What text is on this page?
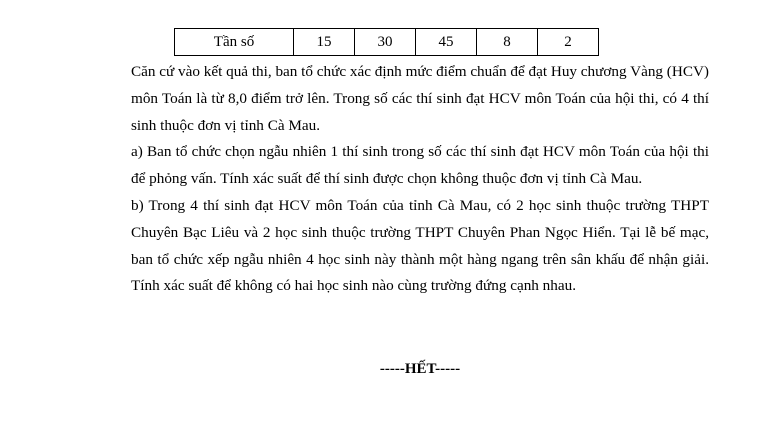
Tần số	15	30	45	8	2

Căn cứ vào kết quả thi, ban tổ chức xác định mức điểm chuẩn để đạt Huy chương Vàng (HCV) môn Toán là từ 8,0 điểm trở lên. Trong số các thí sinh đạt HCV môn Toán của hội thi, có 4 thí sinh thuộc đơn vị tỉnh Cà Mau.

a) Ban tổ chức chọn ngẫu nhiên 1 thí sinh trong số các thí sinh đạt HCV môn Toán của hội thi để phỏng vấn. Tính xác suất để thí sinh được chọn không thuộc đơn vị tỉnh Cà Mau.

b) Trong 4 thí sinh đạt HCV môn Toán của tỉnh Cà Mau, có 2 học sinh thuộc trường THPT Chuyên Bạc Liêu và 2 học sinh thuộc trường THPT Chuyên Phan Ngọc Hiển. Tại lễ bế mạc, ban tổ chức xếp ngẫu nhiên 4 học sinh này thành một hàng ngang trên sân khấu để nhận giải. Tính xác suất để không có hai học sinh nào cùng trường đứng cạnh nhau.

-----HẾT-----
